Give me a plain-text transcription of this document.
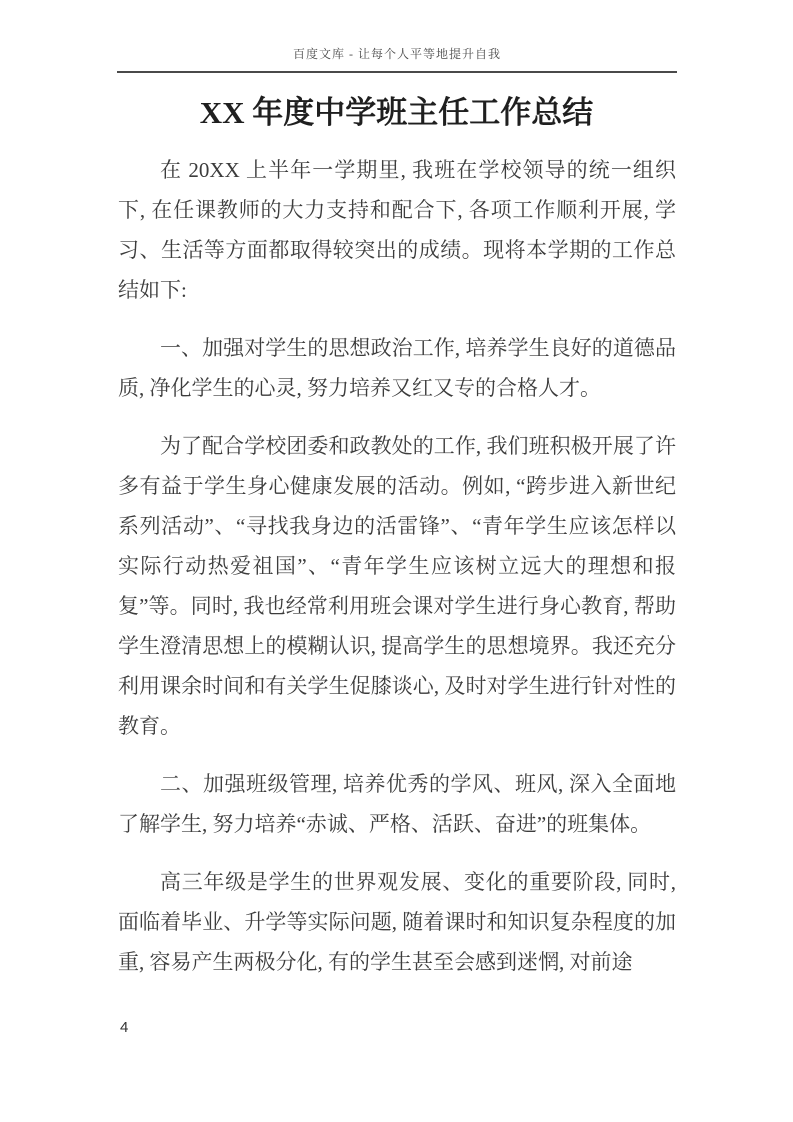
百度文库 - 让每个人平等地提升自我
XX 年度中学班主任工作总结

在 20XX 上半年一学期里, 我班在学校领导的统一组织下, 在任课教师的大力支持和配合下, 各项工作顺利开展, 学习、生活等方面都取得较突出的成绩。现将本学期的工作总结如下:

一、加强对学生的思想政治工作, 培养学生良好的道德品质, 净化学生的心灵, 努力培养又红又专的合格人才。

为了配合学校团委和政教处的工作, 我们班积极开展了许多有益于学生身心健康发展的活动。例如, “跨步进入新世纪系列活动”、“寻找我身边的活雷锋”、“青年学生应该怎样以实际行动热爱祖国”、“青年学生应该树立远大的理想和报复”等。同时, 我也经常利用班会课对学生进行身心教育, 帮助学生澄清思想上的模糊认识, 提高学生的思想境界。我还充分利用课余时间和有关学生促膝谈心, 及时对学生进行针对性的教育。

二、加强班级管理, 培养优秀的学风、班风, 深入全面地了解学生, 努力培养“赤诚、严格、活跃、奋进”的班集体。

高三年级是学生的世界观发展、变化的重要阶段, 同时, 面临着毕业、升学等实际问题, 随着课时和知识复杂程度的加重, 容易产生两极分化, 有的学生甚至会感到迷惘, 对前途

4
